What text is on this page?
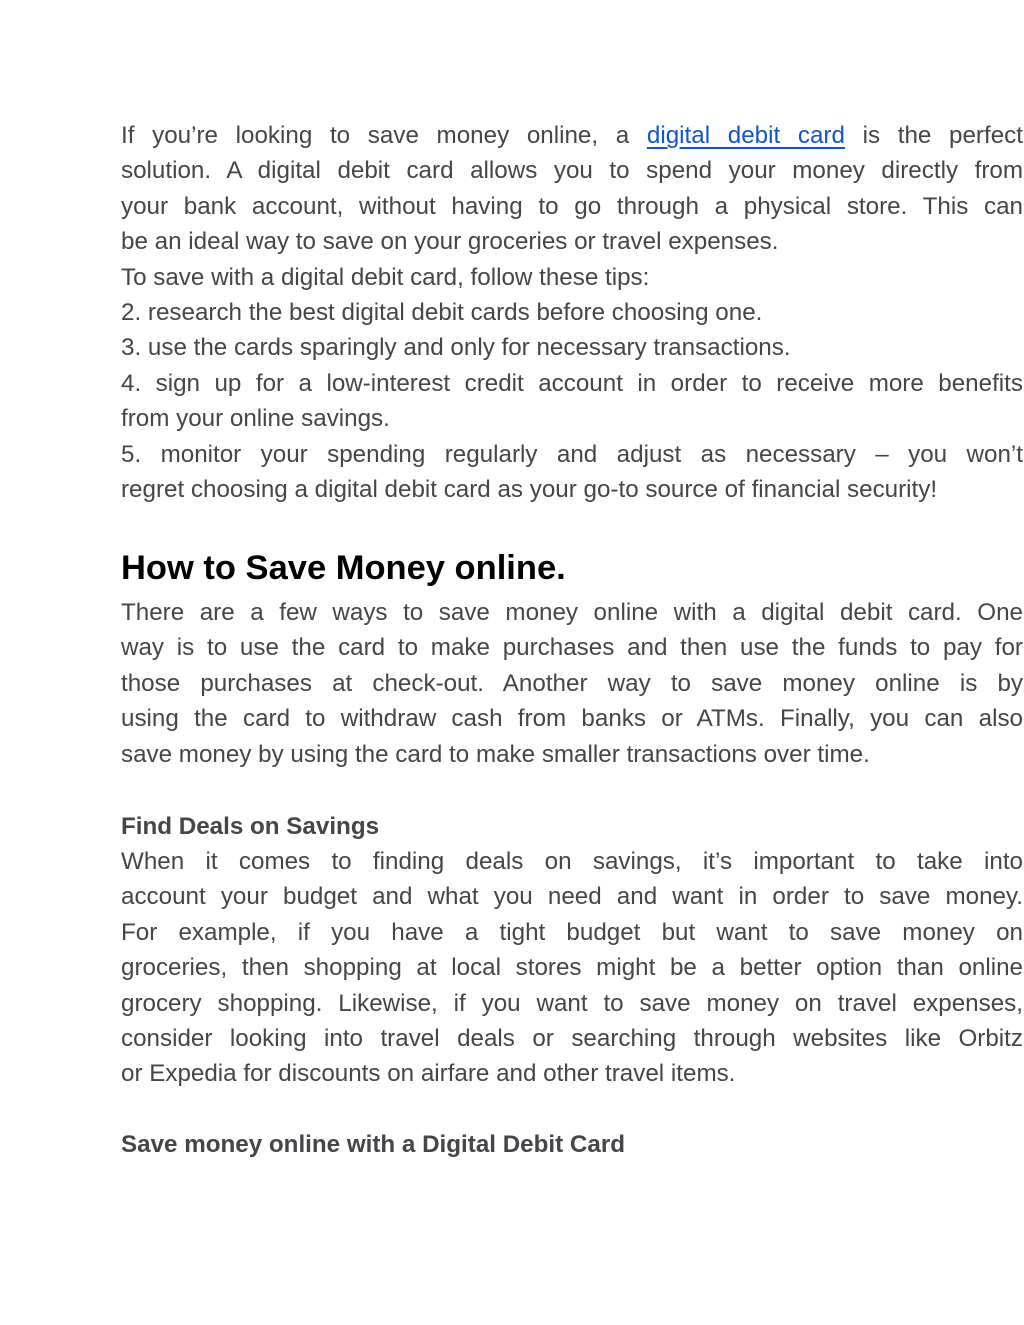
If you’re looking to save money online, a digital debit card is the perfect
solution. A digital debit card allows you to spend your money directly from
your bank account, without having to go through a physical store. This can
be an ideal way to save on your groceries or travel expenses.
To save with a digital debit card, follow these tips:
2. research the best digital debit cards before choosing one.
3. use the cards sparingly and only for necessary transactions.
4. sign up for a low-interest credit account in order to receive more benefits
from your online savings.
5. monitor your spending regularly and adjust as necessary – you won’t
regret choosing a digital debit card as your go-to source of financial security!
How to Save Money online.
There are a few ways to save money online with a digital debit card. One
way is to use the card to make purchases and then use the funds to pay for
those purchases at check-out. Another way to save money online is by
using the card to withdraw cash from banks or ATMs. Finally, you can also
save money by using the card to make smaller transactions over time.
Find Deals on Savings
When it comes to finding deals on savings, it’s important to take into
account your budget and what you need and want in order to save money.
For example, if you have a tight budget but want to save money on
groceries, then shopping at local stores might be a better option than online
grocery shopping. Likewise, if you want to save money on travel expenses,
consider looking into travel deals or searching through websites like Orbitz
or Expedia for discounts on airfare and other travel items.
Save money online with a Digital Debit Card
